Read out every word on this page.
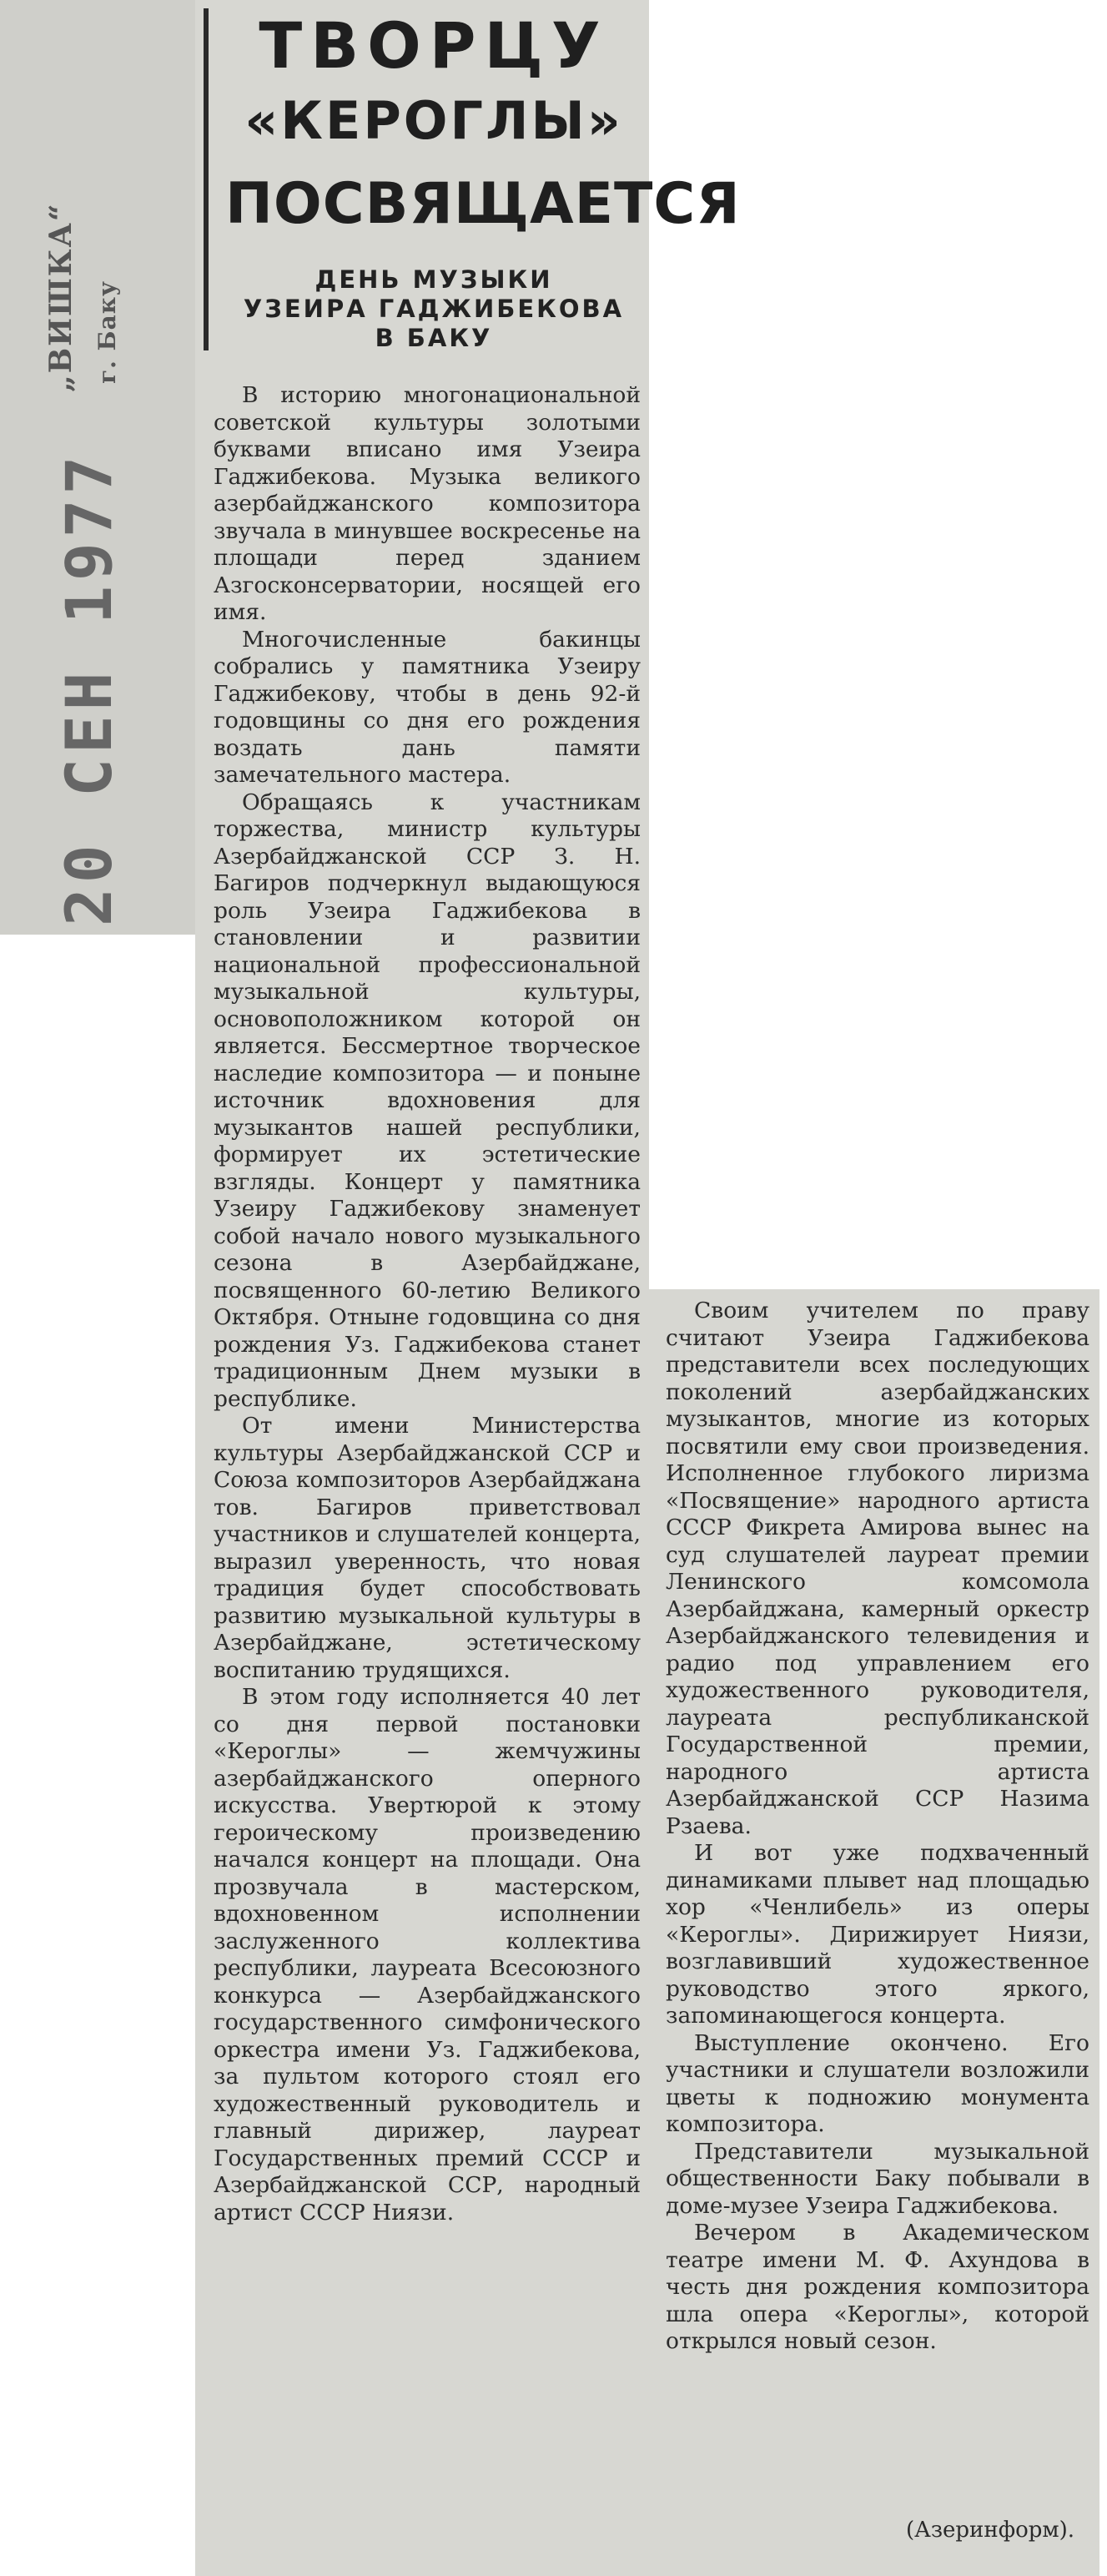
„ВИШКА“ г. Баку
20 СЕН 1977
ТВОРЦУ
«КЕРОГЛЫ»
ПОСВЯЩАЕТСЯ
ДЕНЬ МУЗЫКИ
УЗЕИРА ГАДЖИБЕКОВА
В БАКУ

В историю многонациональной советской культуры золотыми буквами вписано имя Узеира Гаджибекова. Музыка великого азербайджанского композитора звучала в минувшее воскресенье на площади перед зданием Азгосконсерватории, носящей его имя.

Многочисленные бакинцы собрались у памятника Узеиру Гаджибекову, чтобы в день 92-й годовщины со дня его рождения воздать дань памяти замечательного мастера.

Обращаясь к участникам торжества, министр культуры Азербайджанской ССР З. Н. Багиров подчеркнул выдающуюся роль Узеира Гаджибекова в становлении и развитии национальной профессиональной музыкальной культуры, основоположником которой он является. Бессмертное творческое наследие композитора — и поныне источник вдохновения для музыкантов нашей республики, формирует их эстетические взгляды. Концерт у памятника Узеиру Гаджибекову знаменует собой начало нового музыкального сезона в Азербайджане, посвященного 60-летию Великого Октября. Отныне годовщина со дня рождения Уз. Гаджибекова станет традиционным Днем музыки в республике.

От имени Министерства культуры Азербайджанской ССР и Союза композиторов Азербайджана тов. Багиров приветствовал участников и слушателей концерта, выразил уверенность, что новая традиция будет способствовать развитию музыкальной культуры в Азербайджане, эстетическому воспитанию трудящихся.

В этом году исполняется 40 лет со дня первой постановки «Кероглы» — жемчужины азербайджанского оперного искусства. Увертюрой к этому героическому произведению начался концерт на площади. Она прозвучала в мастерском, вдохновенном исполнении заслуженного коллектива республики, лауреата Всесоюзного конкурса — Азербайджанского государственного симфонического оркестра имени Уз. Гаджибекова, за пультом которого стоял его художественный руководитель и главный дирижер, лауреат Государственных премий СССР и Азербайджанской ССР, народный артист СССР Ниязи.

Своим учителем по праву считают Узеира Гаджибекова представители всех последующих поколений азербайджанских музыкантов, многие из которых посвятили ему свои произведения. Исполненное глубокого лиризма «Посвящение» народного артиста СССР Фикрета Амирова вынес на суд слушателей лауреат премии Ленинского комсомола Азербайджана, камерный оркестр Азербайджанского телевидения и радио под управлением его художественного руководителя, лауреата республиканской Государственной премии, народного артиста Азербайджанской ССР Назима Рзаева.

И вот уже подхваченный динамиками плывет над площадью хор «Ченлибель» из оперы «Кероглы». Дирижирует Ниязи, возглавивший художественное руководство этого яркого, запоминающегося концерта.

Выступление окончено. Его участники и слушатели возложили цветы к подножию монумента композитора.

Представители музыкальной общественности Баку побывали в доме-музее Узеира Гаджибекова.

Вечером в Академическом театре имени М. Ф. Ахундова в честь дня рождения композитора шла опера «Кероглы», которой открылся новый сезон.

(Азеринформ).
